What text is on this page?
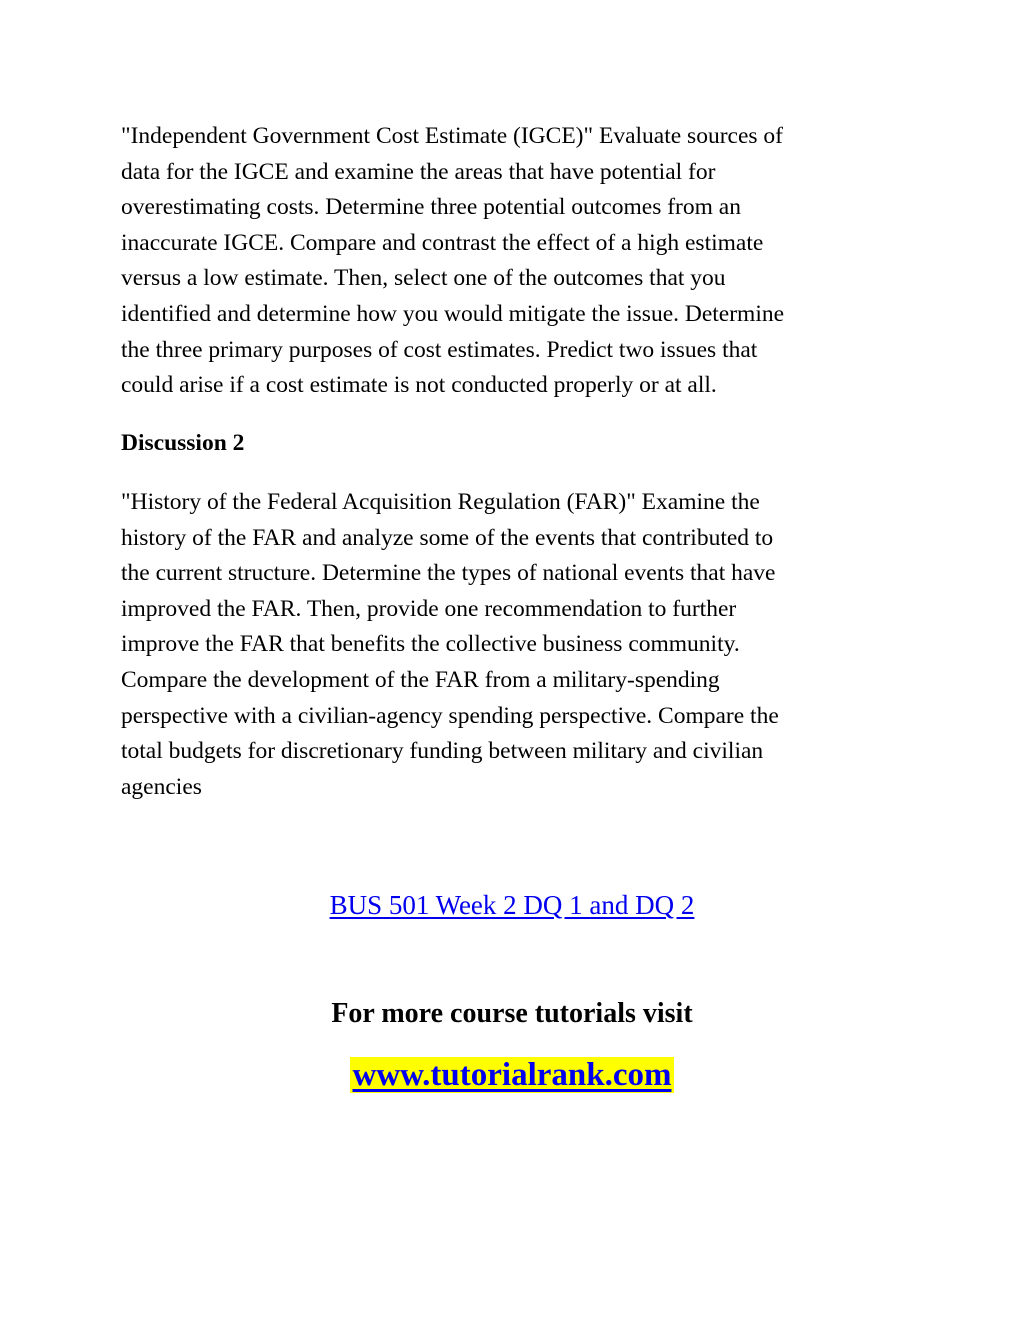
"Independent Government Cost Estimate (IGCE)" Evaluate sources of
data for the IGCE and examine the areas that have potential for
overestimating costs. Determine three potential outcomes from an
inaccurate IGCE. Compare and contrast the effect of a high estimate
versus a low estimate. Then, select one of the outcomes that you
identified and determine how you would mitigate the issue. Determine
the three primary purposes of cost estimates. Predict two issues that
could arise if a cost estimate is not conducted properly or at all.

Discussion 2

"History of the Federal Acquisition Regulation (FAR)" Examine the
history of the FAR and analyze some of the events that contributed to
the current structure. Determine the types of national events that have
improved the FAR. Then, provide one recommendation to further
improve the FAR that benefits the collective business community.
Compare the development of the FAR from a military-spending
perspective with a civilian-agency spending perspective. Compare the
total budgets for discretionary funding between military and civilian
agencies

BUS 501 Week 2 DQ 1 and DQ 2
For more course tutorials visit
www.tutorialrank.com
